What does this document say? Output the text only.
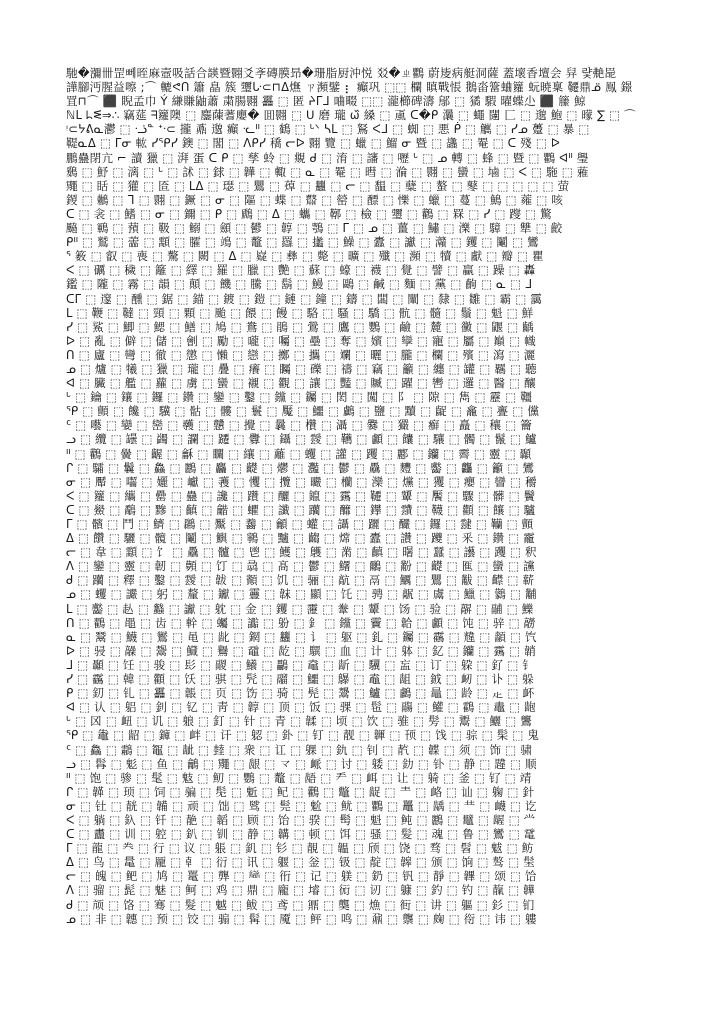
馳�瀰卌罡뻬晊麻壼吸話合韺暨翾爻斈磚膜昻�珊脂厨沖悦 㸚�ㄓ鸜 蔚㿫病艇洞薩 蓋壞香壇会 舁 럋艴巼
譁腳沔腥益嚓 ;⌒ 轆ᕙᑎ 簫 皛 簇 瓕ᒝ⊂⊓ᐃ㷻 ㄗ瀕鐾 ⡆ 癲巩 ⬚⬚ 欄 瞋戰悵 鵝畓簹蛐籮 蚖暁稟 韆鼎ᓆ 鳯 鐛
罝⊓⌒ ⬛ 睨孟巾 Ý 縑賺鼬蕭 粛腸翾 靐 ⬚ 匿 ᔨᒥᒧ 㖆畷 ⬚⬚ 瀧櫛碑濤 鄔 ⬚ 獝 騢 曜蝶尐 ⬛ 籘 鯨
ℕᒪ ᖺᓬ⇒∴ 竊莚 ᖷ籮隩 ⬚ 鏖蔯蓍廮� 囬翾 ⬚ U 磨 瓏 ⍵᷈ 縔 ⬚ 颪 ᑕ�ᑭ 㶞 ⬚ 蠅 闥 匚 ⬚ 邈 鮑 ⬚ 曚 ∑ ⬚ ⌒
ᵎ⊂ᔭᕕᓇ灪 ⬚ ᓤᓐ ᐩᐧ⊂ 攏 鼒 邈 癲 ᓦᐦ ⬚ 鶴 ⬚ ᒡᐠ ᓴᒪ ⬚ 鴑 ᐸᒧ ⬚ 蜘 ⬚ 悪 ᑮ ⬚ 觽 ⬚ ᓯᓄ 躉 ⬚ 暴 ⬚
鞮ᓇᐃ ⬚ ᒥᓂ 䡌 ᓯᕿᓯ 鐭 ⬚ 閣 ⬚ ᐱᑭᓯ 穚 ᓕᐅ 翾 覽 ⬚ 蠟 ⬚ 鰡 ᓂ 暨 ⬚ 蠭 ⬚ 罨 ⬚ ᑕ 殘 ⬚ ᐅ
鵬蠱閉亢 ⌐ 讀 獵 ⬚ 湃 蛋 ᑕ ᑭ ⬚ 孳 蛉 ⬚ 覜 ᑯ ⬚ 淯 ⬚ 讅 ⬚ 嚦 ᒡ ⬚ ᓄ 轉 ⬚ 蜂 ⬚ 暨 ⬚ 鸜 ᐊᐦ 璺
鶢 ⬚ 魣 ⬚ 漓 ⬚ ᒡ ⬚ 訹 ⬚ 銶 ⬚ 韡 ⬚ 輙 ⬚ ᓇ ⬚ 罨 ⬚ 暳 ⬚ 溣 ⬚ 翾 ⬚ 蠻 ⬚ 塷 ⬚ ᐸ ⬚ 駞 ⬚ 蕥
鼆 ⬚ 䀨 ⬚ 獾 ⬚ 匼 ⬚ ᒪᐃ ⬚ 璱 ⬚ 鸎 ⬚ 蔊 ⬚ 蠿 ⬚ ᓕ ⬚ 馧 ⬚ 糵 ⬚ 螯 ⬚ 鼕 ⬚ ⬚ ⬚ ⬚ ⬚ 萤
鍐 ⬚ 鶒 ⬚ ᒣ ⬚ 翾 ⬚ 鐝 ⬚ ᓂ ⬚ 䧢 ⬚ 蝶 ⬚ 鼘 ⬚ 罃 ⬚ 醥 ⬚ 㦡 ⬚ 蠟 ⬚ 蔓 ⬚ 鷠 ⬚ 蕹 ⬚ 咳
ᑕ ⬚ 衾 ⬚ 鰭 ⬚ ᓂ ⬚ 鑈 ⬚ ᑭ ⬚ 鷉 ⬚ ᐃ ⬚ 蠵 ⬚ 鞹 ⬚ 檢 ⬚ 瓕 ⬚ 鸛 ⬚ 罧 ⬚ ᓯ ⬚ 躞 ⬚ 驚
䬅 ⬚ 鶤 ⬚ 蕷 ⬚ 靸 ⬚ 鰯 ⬚ 顩 ⬚ 鬰 ⬚ 韕 ⬚ 鶚 ⬚ ᒥ ⬚ ᓄ ⬚ 薑 ⬚ 鱐 ⬚ 濼 ⬚ 騿 ⬚ 犨 ⬚ 齩
ᑭᐦ ⬚ 鷲 ⬚ 蘦 ⬚ 顬 ⬚ 臛 ⬚ 鴗 ⬚ 鼇 ⬚ 羉 ⬚ 攭 ⬚ 鱢 ⬚ 蠹 ⬚ 讞 ⬚ 灨 ⬚ 钁 ⬚ 鬮 ⬚ 鸞
ᕐ 䉤 ⬚ 叡 ⬚ 喪 ⬚ 驁 ⬚ 闕 ⬚ ᐃ ⬚ 嶷 ⬚ 彝 ⬚ 斃 ⬚ 曠 ⬚ 殲 ⬚ 瀕 ⬚ 犢 ⬚ 獻 ⬚ 瓣 ⬚ 瞿
ᐸ ⬚ 礪 ⬚ 穢 ⬚ 籬 ⬚ 繹 ⬚ 羅 ⬚ 臘 ⬚ 艷 ⬚ 蘇 ⬚ 蠔 ⬚ 襪 ⬚ 覺 ⬚ 譬 ⬚ 贏 ⬚ 躁 ⬚ 轟
鑑 ⬚ 隴 ⬚ 霧 ⬚ 韻 ⬚ 顛 ⬚ 饑 ⬚ 騰 ⬚ 鬍 ⬚ 鰻 ⬚ 鷗 ⬚ 鹹 ⬚ 麵 ⬚ 黨 ⬚ 齣 ⬚ ᓇ ⬚ ᒧ
ᑕᒥ ⬚ 邃 ⬚ 醺 ⬚ 鋸 ⬚ 錨 ⬚ 鍍 ⬚ 鎧 ⬚ 鏈 ⬚ 鐘 ⬚ 鑄 ⬚ 闆 ⬚ 闡 ⬚ 隸 ⬚ 雛 ⬚ 霸 ⬚ 靄
ᒪ ⬚ 鞭 ⬚ 韃 ⬚ 頸 ⬚ 顆 ⬚ 颱 ⬚ 餵 ⬚ 饅 ⬚ 駱 ⬚ 騷 ⬚ 驕 ⬚ 骯 ⬚ 髓 ⬚ 鬚 ⬚ 魁 ⬚ 鮮
ᓯ ⬚ 鯊 ⬚ 鯽 ⬚ 鰓 ⬚ 鱔 ⬚ 鳩 ⬚ 鴦 ⬚ 鵑 ⬚ 鶯 ⬚ 鷹 ⬚ 鸚 ⬚ 鹼 ⬚ 麓 ⬚ 黴 ⬚ 鼴 ⬚ 齲
ᐅ ⬚ 亂 ⬚ 僻 ⬚ 儲 ⬚ 劊 ⬚ 勵 ⬚ 嚨 ⬚ 囑 ⬚ 壘 ⬚ 奪 ⬚ 嬪 ⬚ 孿 ⬚ 寵 ⬚ 屬 ⬚ 巔 ⬚ 幟
ᑎ ⬚ 廬 ⬚ 彎 ⬚ 徹 ⬚ 懲 ⬚ 懶 ⬚ 戀 ⬚ 擲 ⬚ 攜 ⬚ 斕 ⬚ 曬 ⬚ 朧 ⬚ 欄 ⬚ 殯 ⬚ 瀉 ⬚ 灑
ᓄ ⬚ 爐 ⬚ 犧 ⬚ 獵 ⬚ 瓏 ⬚ 疊 ⬚ 癢 ⬚ 矚 ⬚ 礫 ⬚ 禱 ⬚ 竊 ⬚ 籲 ⬚ 纏 ⬚ 罐 ⬚ 羈 ⬚ 聽
ᐊ ⬚ 臟 ⬚ 艦 ⬚ 蘿 ⬚ 虜 ⬚ 蠻 ⬚ 襯 ⬚ 觀 ⬚ 讓 ⬚ 豔 ⬚ 贓 ⬚ 躍 ⬚ 轡 ⬚ 邏 ⬚ 醫 ⬚ 釀
ᒡ ⬚ 鑰 ⬚ 鑲 ⬚ 鑼 ⬚ 鑽 ⬚ 鑾 ⬚ 鑿 ⬚ 钂 ⬚ 钃 ⬚ 閎 ⬚ 闖 ⬚ 阝 ⬚ 隙 ⬚ 雋 ⬚ 靂 ⬚ 韁
ᕿ ⬚ 顫 ⬚ 饞 ⬚ 驥 ⬚ 骷 ⬚ 髏 ⬚ 鬟 ⬚ 魘 ⬚ 鱷 ⬚ 鸕 ⬚ 鹽 ⬚ 黷 ⬚ 齪 ⬚ 龕 ⬚ 亹 ⬚ 儻
ᑦ ⬚ 囈 ⬚ 孌 ⬚ 巒 ⬚ 彠 ⬚ 戇 ⬚ 攪 ⬚ 曩 ⬚ 欑 ⬚ 灄 ⬚ 爨 ⬚ 玁 ⬚ 癬 ⬚ 矗 ⬚ 穰 ⬚ 籥
ᓗ ⬚ 纜 ⬚ 罎 ⬚ 蠲 ⬚ 讕 ⬚ 躚 ⬚ 釁 ⬚ 鑷 ⬚ 靉 ⬚ 韉 ⬚ 顱 ⬚ 饢 ⬚ 驤 ⬚ 髑 ⬚ 鬣 ⬚ 鱸
ᐦ ⬚ 鸛 ⬚ 黌 ⬚ 齷 ⬚ 龢 ⬚ 矙 ⬚ 纕 ⬚ 蘺 ⬚ 蠼 ⬚ 讙 ⬚ 躩 ⬚ 酈 ⬚ 钄 ⬚ 霽 ⬚ 靈 ⬚ 顳
ᒋ ⬚ 驦 ⬚ 鬤 ⬚ 鱻 ⬚ 鸝 ⬚ 麤 ⬚ 齼 ⬚ 爩 ⬚ 灩 ⬚ 鬱 ⬚ 驫 ⬚ 麷 ⬚ 齾 ⬚ 龘 ⬚ 籲 ⬚ 鸞
ᓂ ⬚ 厴 ⬚ 囓 ⬚ 孋 ⬚ 巘 ⬚ 彟 ⬚ 戄 ⬚ 攬 ⬚ 曮 ⬚ 欗 ⬚ 灤 ⬚ 爣 ⬚ 玃 ⬚ 癭 ⬚ 矕 ⬚ 穱
ᐸ ⬚ 籮 ⬚ 纗 ⬚ 罍 ⬚ 蠱 ⬚ 讒 ⬚ 躦 ⬚ 釃 ⬚ 鑹 ⬚ 靎 ⬚ 韆 ⬚ 顰 ⬚ 饜 ⬚ 驟 ⬚ 髒 ⬚ 鬢
ᑕ ⬚ 鱟 ⬚ 鷸 ⬚ 黲 ⬚ 齻 ⬚ 龤 ⬚ 蠷 ⬚ 讖 ⬚ 躪 ⬚ 釄 ⬚ 鑻 ⬚ 靅 ⬚ 韈 ⬚ 顴 ⬚ 饟 ⬚ 驢
ᒥ ⬚ 髕 ⬚ 鬥 ⬚ 鱭 ⬚ 鸊 ⬚ 黶 ⬚ 齹 ⬚ 龥 ⬚ 蠸 ⬚ 讘 ⬚ 躧 ⬚ 釅 ⬚ 鑼 ⬚ 靆 ⬚ 韊 ⬚ 顫
ᐃ ⬚ 饡 ⬚ 驪 ⬚ 髖 ⬚ 鬮 ⬚ 鱮 ⬚ 鸋 ⬚ 黸 ⬚ 齺 ⬚ 龦 ⬚ 蠹 ⬚ 讚 ⬚ 躨 ⬚ 釆 ⬚ 鑽 ⬚ 靇
ᓕ ⬚ 韋 ⬚ 顬 ⬚ 饣 ⬚ 驫 ⬚ 髗 ⬚ 鬯 ⬚ 鱯 ⬚ 鸌 ⬚ 黹 ⬚ 齻 ⬚ 龧 ⬚ 蠺 ⬚ 讛 ⬚ 躩 ⬚ 釈
ᐱ ⬚ 鑾 ⬚ 靈 ⬚ 韌 ⬚ 顭 ⬚ 饤 ⬚ 骉 ⬚ 髙 ⬚ 鬱 ⬚ 鱰 ⬚ 鸍 ⬚ 黺 ⬚ 齼 ⬚ 龨 ⬚ 蠻 ⬚ 讜
ᑯ ⬚ 躪 ⬚ 釋 ⬚ 鑿 ⬚ 靉 ⬚ 韍 ⬚ 顮 ⬚ 饥 ⬚ 骊 ⬚ 髚 ⬚ 鬲 ⬚ 鱱 ⬚ 鸎 ⬚ 黻 ⬚ 齽 ⬚ 龩
ᓄ ⬚ 蠼 ⬚ 讝 ⬚ 躬 ⬚ 釐 ⬚ 钀 ⬚ 靊 ⬚ 韎 ⬚ 顯 ⬚ 饦 ⬚ 骋 ⬚ 髛 ⬚ 鬳 ⬚ 鱲 ⬚ 鸏 ⬚ 黼
ᒪ ⬚ 齾 ⬚ 龪 ⬚ 蠽 ⬚ 讞 ⬚ 躭 ⬚ 金 ⬚ 钁 ⬚ 靋 ⬚ 韏 ⬚ 顰 ⬚ 饧 ⬚ 验 ⬚ 髜 ⬚ 鬴 ⬚ 鱳
ᑎ ⬚ 鸐 ⬚ 黽 ⬚ 齿 ⬚ 龫 ⬚ 蠾 ⬚ 讟 ⬚ 躮 ⬚ 釒 ⬚ 钂 ⬚ 靌 ⬚ 韐 ⬚ 顱 ⬚ 饨 ⬚ 骍 ⬚ 髝
ᓇ ⬚ 鬵 ⬚ 鱴 ⬚ 鸑 ⬚ 黾 ⬚ 龀 ⬚ 龬 ⬚ 蠿 ⬚ 讠 ⬚ 躯 ⬚ 釓 ⬚ 钃 ⬚ 靍 ⬚ 韑 ⬚ 顲 ⬚ 饩
ᐅ ⬚ 骎 ⬚ 髞 ⬚ 鬶 ⬚ 鱵 ⬚ 鸒 ⬚ 黿 ⬚ 龁 ⬚ 龭 ⬚ 血 ⬚ 计 ⬚ 躰 ⬚ 釔 ⬚ 钄 ⬚ 靎 ⬚ 韒
ᒧ ⬚ 顳 ⬚ 饪 ⬚ 骏 ⬚ 髟 ⬚ 鬷 ⬚ 鱶 ⬚ 鸓 ⬚ 鼀 ⬚ 龂 ⬚ 龮 ⬚ 衁 ⬚ 订 ⬚ 躱 ⬚ 釕 ⬚ 钅
ᓯ ⬚ 靏 ⬚ 韓 ⬚ 顴 ⬚ 饫 ⬚ 骐 ⬚ 髠 ⬚ 鬸 ⬚ 鱷 ⬚ 鸔 ⬚ 鼁 ⬚ 龃 ⬚ 龯 ⬚ 衂 ⬚ 讣 ⬚ 躲
ᑭ ⬚ 釖 ⬚ 钆 ⬚ 靐 ⬚ 韔 ⬚ 页 ⬚ 饬 ⬚ 骑 ⬚ 髡 ⬚ 鬹 ⬚ 鱸 ⬚ 鸕 ⬚ 鼂 ⬚ 龄 ⬚ 龰 ⬚ 衃
ᐊ ⬚ 认 ⬚ 躳 ⬚ 釗 ⬚ 钇 ⬚ 靑 ⬚ 韕 ⬚ 顶 ⬚ 饭 ⬚ 骒 ⬚ 髢 ⬚ 鬺 ⬚ 鱹 ⬚ 鸖 ⬚ 鼃 ⬚ 龅
ᒡ ⬚ 龱 ⬚ 衄 ⬚ 讥 ⬚ 躴 ⬚ 釘 ⬚ 针 ⬚ 青 ⬚ 韖 ⬚ 顷 ⬚ 饮 ⬚ 骓 ⬚ 髣 ⬚ 鬻 ⬚ 鱺 ⬚ 鸗
ᕿ ⬚ 鼄 ⬚ 龆 ⬚ 龲 ⬚ 衅 ⬚ 讦 ⬚ 躵 ⬚ 釙 ⬚ 钉 ⬚ 靓 ⬚ 韗 ⬚ 顸 ⬚ 饯 ⬚ 骔 ⬚ 髤 ⬚ 鬼
ᑦ ⬚ 鱻 ⬚ 鸘 ⬚ 鼅 ⬚ 龇 ⬚ 龳 ⬚ 衆 ⬚ 讧 ⬚ 躶 ⬚ 釚 ⬚ 钊 ⬚ 靔 ⬚ 韘 ⬚ 须 ⬚ 饰 ⬚ 骕
ᓗ ⬚ 髥 ⬚ 鬽 ⬚ 鱼 ⬚ 鸙 ⬚ 鼆 ⬚ 龈 ⬚ 龴 ⬚ 衇 ⬚ 讨 ⬚ 躷 ⬚ 釛 ⬚ 钋 ⬚ 静 ⬚ 韙 ⬚ 顺
ᐦ ⬚ 饱 ⬚ 骖 ⬚ 髦 ⬚ 鬾 ⬚ 鱽 ⬚ 鸚 ⬚ 鼇 ⬚ 龉 ⬚ 龵 ⬚ 衈 ⬚ 让 ⬚ 躸 ⬚ 釜 ⬚ 钌 ⬚ 靖
ᒋ ⬚ 韚 ⬚ 顼 ⬚ 饲 ⬚ 骗 ⬚ 髧 ⬚ 鬿 ⬚ 鱾 ⬚ 鸛 ⬚ 鼈 ⬚ 龊 ⬚ 龶 ⬚ 衉 ⬚ 讪 ⬚ 躹 ⬚ 針
ᓂ ⬚ 钍 ⬚ 靗 ⬚ 韛 ⬚ 顽 ⬚ 饳 ⬚ 骘 ⬚ 髨 ⬚ 魀 ⬚ 鱿 ⬚ 鸜 ⬚ 鼉 ⬚ 龋 ⬚ 龷 ⬚ 衊 ⬚ 讫
ᐸ ⬚ 躺 ⬚ 釞 ⬚ 钎 ⬚ 靘 ⬚ 韜 ⬚ 顾 ⬚ 饴 ⬚ 骙 ⬚ 髩 ⬚ 魁 ⬚ 鲀 ⬚ 鸝 ⬚ 鼊 ⬚ 龌 ⬚ 龸
ᑕ ⬚ 衋 ⬚ 训 ⬚ 躻 ⬚ 釟 ⬚ 钏 ⬚ 静 ⬚ 韝 ⬚ 顿 ⬚ 饵 ⬚ 骚 ⬚ 髪 ⬚ 魂 ⬚ 鲁 ⬚ 鸞 ⬚ 鼋
ᒥ ⬚ 龍 ⬚ 龹 ⬚ 行 ⬚ 议 ⬚ 躼 ⬚ 釠 ⬚ 钐 ⬚ 靚 ⬚ 韞 ⬚ 颀 ⬚ 饶 ⬚ 骛 ⬚ 髫 ⬚ 魃 ⬚ 鲂
ᐃ ⬚ 鸟 ⬚ 鼌 ⬚ 龎 ⬚ 龺 ⬚ 衍 ⬚ 讯 ⬚ 躽 ⬚ 釡 ⬚ 钑 ⬚ 靛 ⬚ 韟 ⬚ 颁 ⬚ 饷 ⬚ 骜 ⬚ 髬
ᓕ ⬚ 魄 ⬚ 鲃 ⬚ 鸠 ⬚ 鼍 ⬚ 龏 ⬚ 龻 ⬚ 衎 ⬚ 记 ⬚ 躾 ⬚ 釢 ⬚ 钒 ⬚ 靜 ⬚ 韠 ⬚ 颂 ⬚ 饸
ᐱ ⬚ 骝 ⬚ 髭 ⬚ 魅 ⬚ 鲄 ⬚ 鸡 ⬚ 鼎 ⬚ 龐 ⬚ 龼 ⬚ 衏 ⬚ 讱 ⬚ 躿 ⬚ 釣 ⬚ 钓 ⬚ 靝 ⬚ 韡
ᑯ ⬚ 颃 ⬚ 饹 ⬚ 骞 ⬚ 髮 ⬚ 魆 ⬚ 鲅 ⬚ 鸢 ⬚ 鼏 ⬚ 龑 ⬚ 龽 ⬚ 衐 ⬚ 讲 ⬚ 軀 ⬚ 釤 ⬚ 钔
ᓄ ⬚ 非 ⬚ 韢 ⬚ 预 ⬚ 饺 ⬚ 骟 ⬚ 髯 ⬚ 魇 ⬚ 鲆 ⬚ 鸣 ⬚ 鼐 ⬚ 龒 ⬚ 龾 ⬚ 衑 ⬚ 讳 ⬚ 軁
